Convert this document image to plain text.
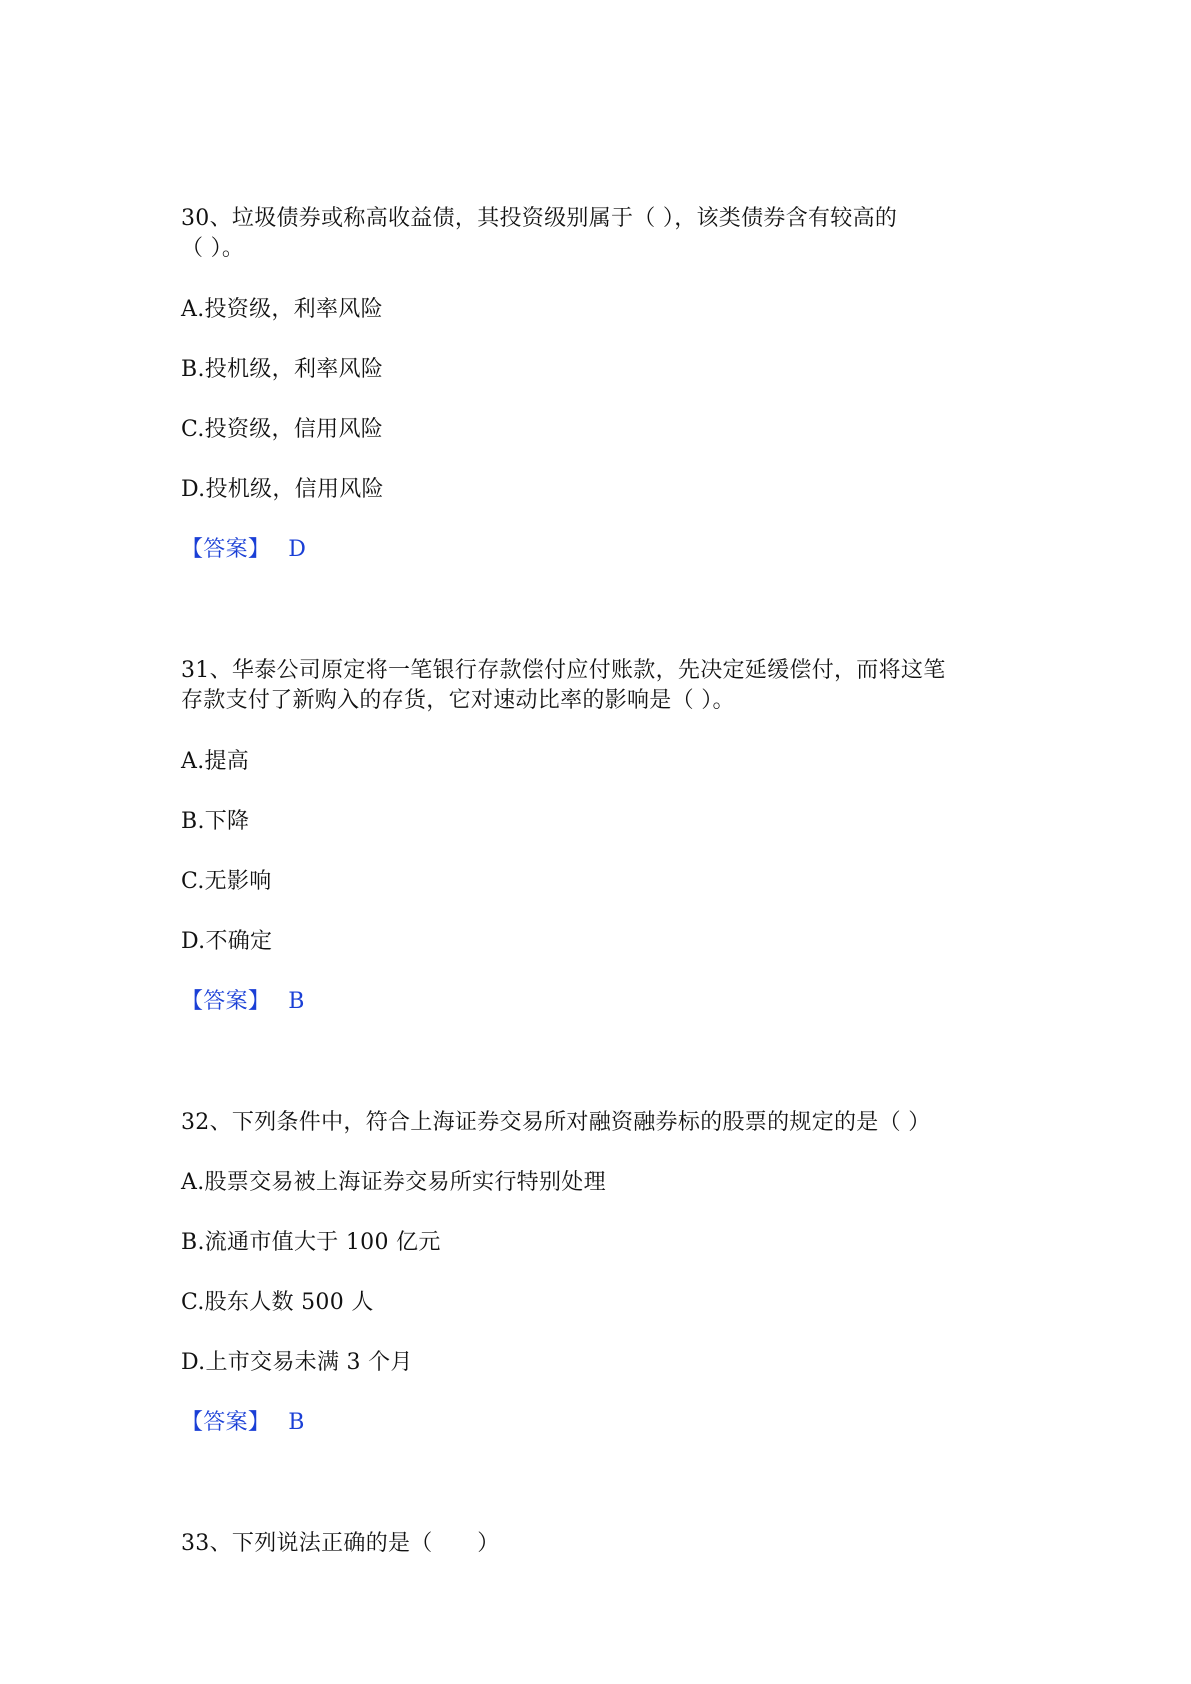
30、垃圾债券或称高收益债，其投资级别属于（ ），该类债券含有较高的
（ ）。
A.投资级，利率风险
B.投机级，利率风险
C.投资级，信用风险
D.投机级，信用风险
【答案】 D
31、华泰公司原定将一笔银行存款偿付应付账款，先决定延缓偿付，而将这笔
存款支付了新购入的存货，它对速动比率的影响是（ ）。
A.提高
B.下降
C.无影响
D.不确定
【答案】 B
32、下列条件中，符合上海证券交易所对融资融券标的股票的规定的是（ ）
A.股票交易被上海证券交易所实行特别处理
B.流通市值大于 100 亿元
C.股东人数 500 人
D.上市交易未满 3 个月
【答案】 B
33、下列说法正确的是（　　）
